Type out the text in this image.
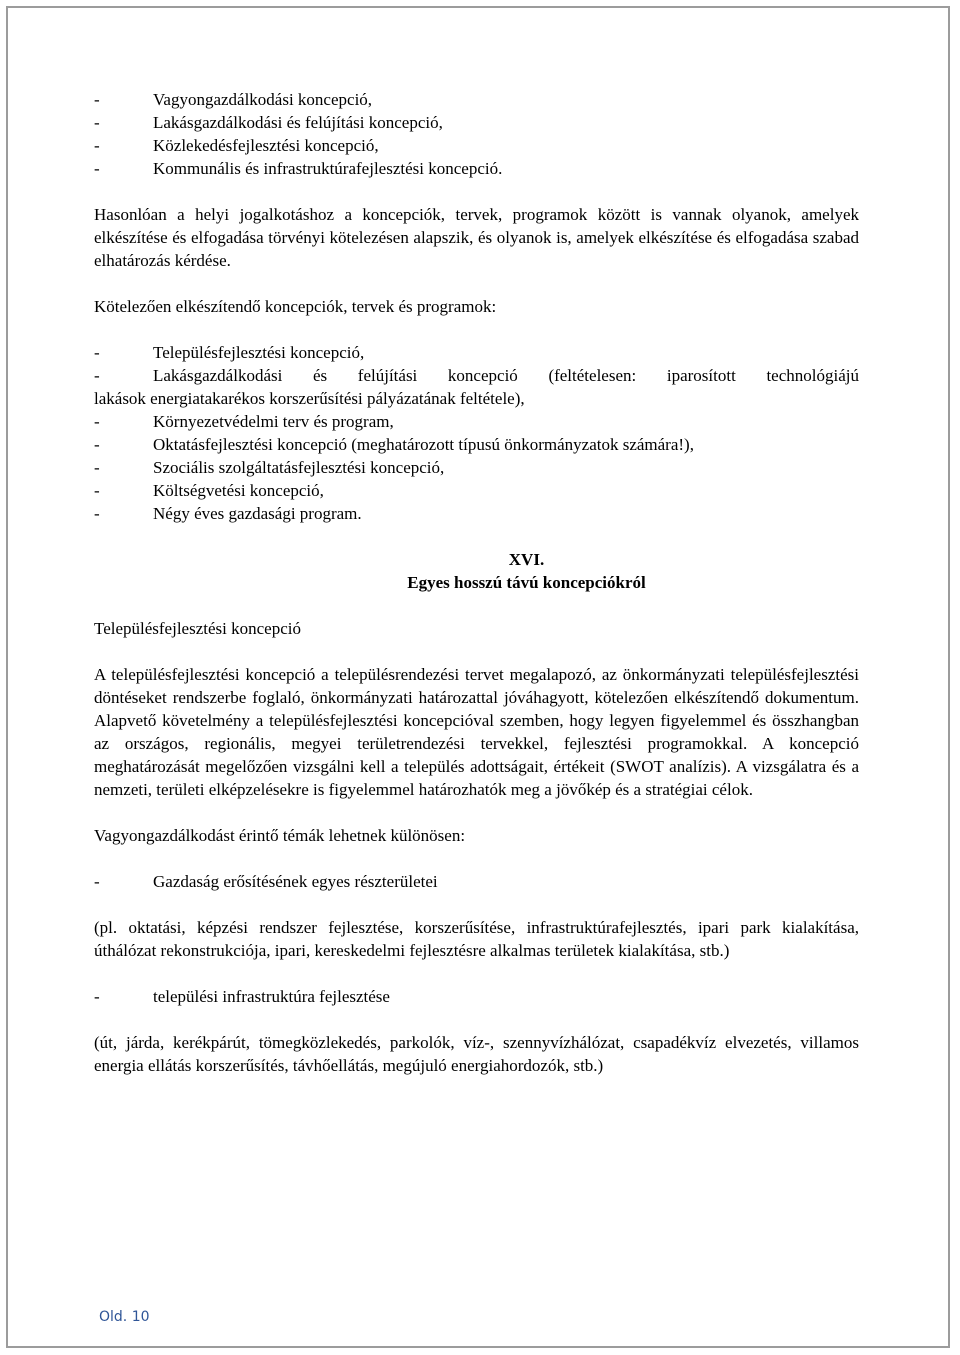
-	Vagyongazdálkodási koncepció,
-	Lakásgazdálkodási és felújítási koncepció,
-	Közlekedésfejlesztési koncepció,
-	Kommunális és infrastruktúrafejlesztési koncepció.

Hasonlóan a helyi jogalkotáshoz a koncepciók, tervek, programok között is vannak olyanok, amelyek elkészítése és elfogadása törvényi kötelezésen alapszik, és olyanok is, amelyek elkészítése és elfogadása szabad elhatározás kérdése.

Kötelezően elkészítendő koncepciók, tervek és programok:

-	Településfejlesztési koncepció,
-	Lakásgazdálkodási és felújítási koncepció (feltételesen: iparosított technológiájú
lakások energiatakarékos korszerűsítési pályázatának feltétele),
-	Környezetvédelmi terv és program,
-	Oktatásfejlesztési koncepció (meghatározott típusú önkormányzatok számára!),
-	Szociális szolgáltatásfejlesztési koncepció,
-	Költségvetési koncepció,
-	Négy éves gazdasági program.
XVI.
Egyes hosszú távú koncepciókról

Településfejlesztési koncepció

A településfejlesztési koncepció a településrendezési tervet megalapozó, az önkormányzati településfejlesztési döntéseket rendszerbe foglaló, önkormányzati határozattal jóváhagyott, kötelezően elkészítendő dokumentum. Alapvető követelmény a településfejlesztési koncepcióval szemben, hogy legyen figyelemmel és összhangban az országos, regionális, megyei területrendezési tervekkel, fejlesztési programokkal. A koncepció meghatározását megelőzően vizsgálni kell a település adottságait, értékeit (SWOT analízis). A vizsgálatra és a nemzeti, területi elképzelésekre is figyelemmel határozhatók meg a jövőkép és a stratégiai célok.

Vagyongazdálkodást érintő témák lehetnek különösen:

-	Gazdaság erősítésének egyes részterületei

(pl. oktatási, képzési rendszer fejlesztése, korszerűsítése, infrastruktúrafejlesztés, ipari park kialakítása, úthálózat rekonstrukciója, ipari, kereskedelmi fejlesztésre alkalmas területek kialakítása, stb.)

-	települési infrastruktúra fejlesztése

(út, járda, kerékpárút, tömegközlekedés, parkolók, víz-, szennyvízhálózat, csapadékvíz elvezetés, villamos energia ellátás korszerűsítés, távhőellátás, megújuló energiahordozók, stb.)

Old. 10
